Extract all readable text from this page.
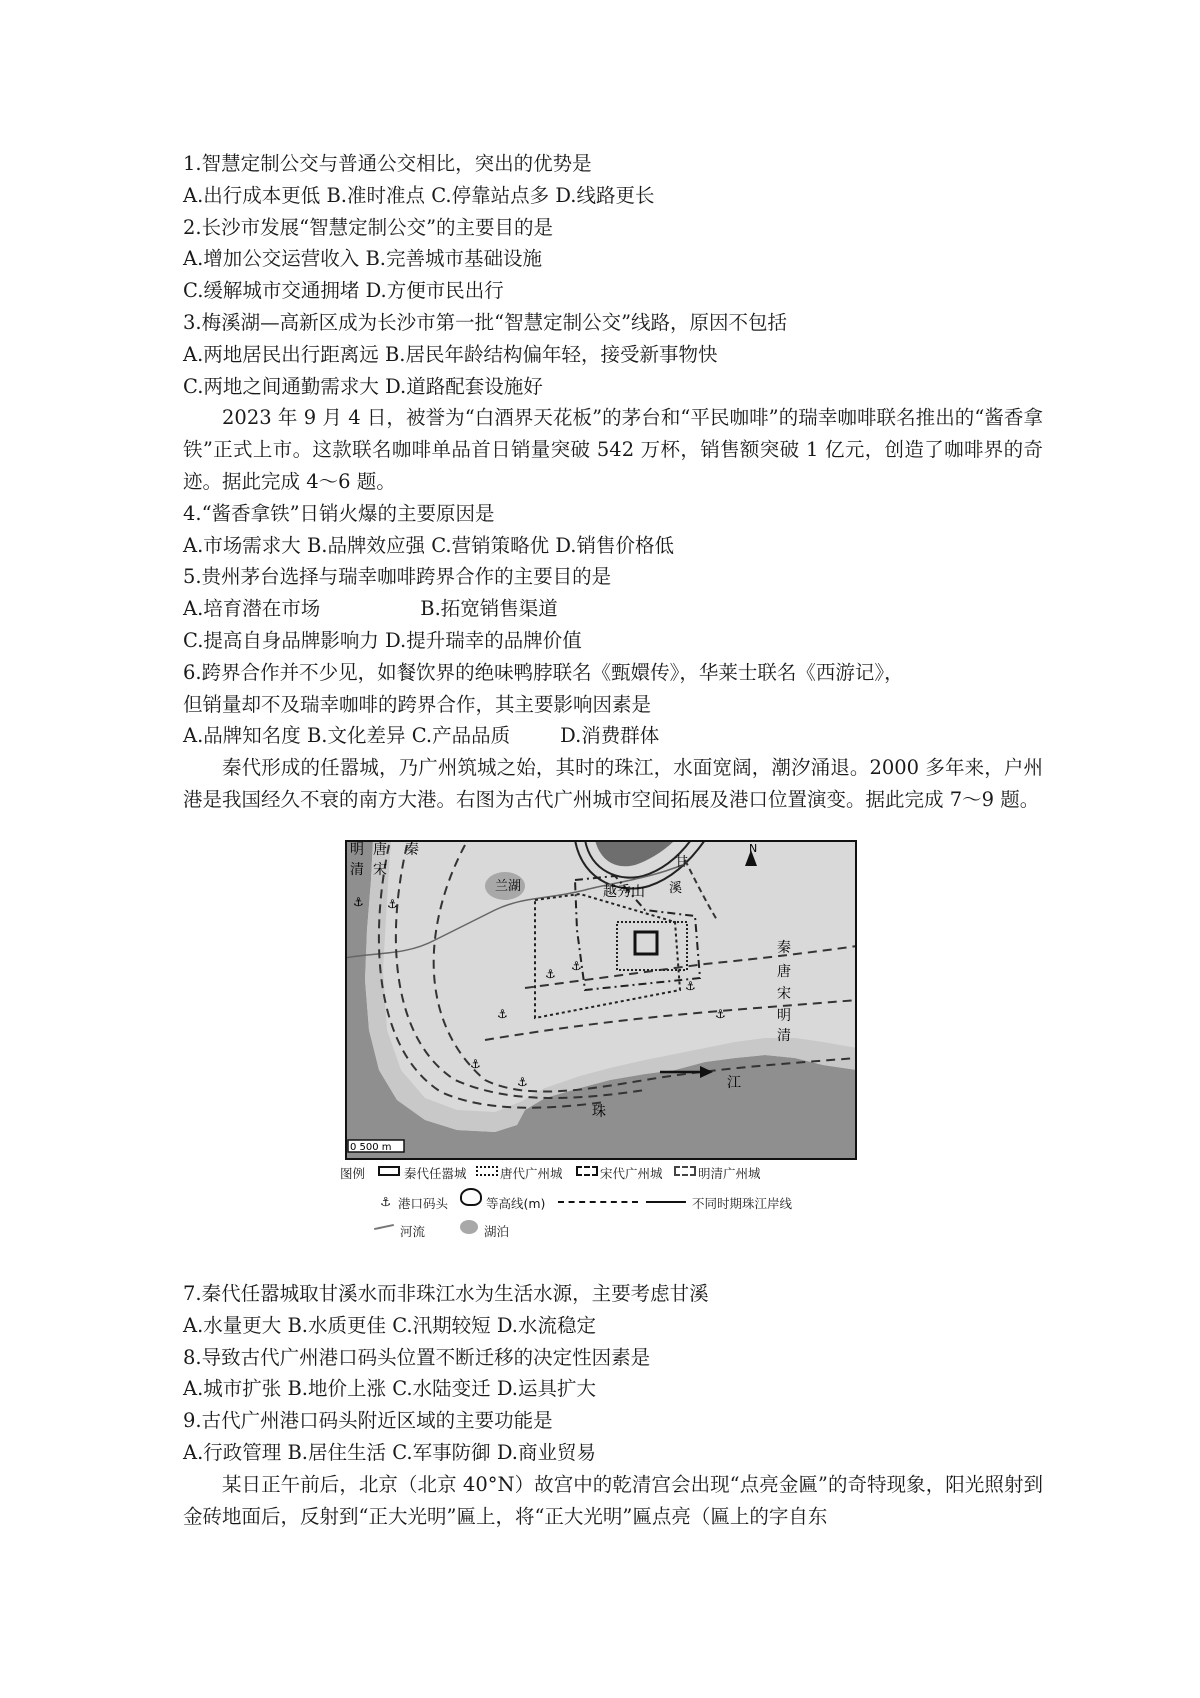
1.智慧定制公交与普通公交相比，突出的优势是

A.出行成本更低 B.准时准点 C.停靠站点多 D.线路更长

2.长沙市发展“智慧定制公交”的主要目的是

A.增加公交运营收入 B.完善城市基础设施

C.缓解城市交通拥堵 D.方便市民出行

3.梅溪湖—高新区成为长沙市第一批“智慧定制公交”线路，原因不包括

A.两地居民出行距离远 B.居民年龄结构偏年轻，接受新事物快

C.两地之间通勤需求大 D.道路配套设施好

2023 年 9 月 4 日，被誉为“白酒界天花板”的茅台和“平民咖啡”的瑞幸咖啡联名推出的“酱香拿铁”正式上市。这款联名咖啡单品首日销量突破 542 万杯，销售额突破 1 亿元，创造了咖啡界的奇迹。据此完成 4～6 题。

4.“酱香拿铁”日销火爆的主要原因是

A.市场需求大 B.品牌效应强 C.营销策略优 D.销售价格低

5.贵州茅台选择与瑞幸咖啡跨界合作的主要目的是

A.培育潜在市场	B.拓宽销售渠道

C.提高自身品牌影响力 D.提升瑞幸的品牌价值

6.跨界合作并不少见，如餐饮界的绝味鸭脖联名《甄嬛传》，华莱士联名《西游记》，

但销量却不及瑞幸咖啡的跨界合作，其主要影响因素是

A.品牌知名度 B.文化差异 C.产品品质	D.消费群体

秦代形成的任嚣城，乃广州筑城之始，其时的珠江，水面宽阔，潮汐涌退。2000 多年来，户州港是我国经久不衰的南方大港。右图为古代广州城市空间拓展及港口位置演变。据此完成 7～9 题。

N
0 500 m
明
清
唐
宋
秦
兰湖	越秀山
甘
溪
秦
唐
宋
明
清
江
珠
⚓
⚓
⚓
⚓
⚓
⚓
⚓
⚓
⚓
图例	秦代任嚣城	唐代广州城	宋代广州城	明清广州城
⚓ 港口码头	等高线(m)	不同时期珠江岸线
河流	湖泊

7.秦代任嚣城取甘溪水而非珠江水为生活水源，主要考虑甘溪

A.水量更大 B.水质更佳 C.汛期较短 D.水流稳定

8.导致古代广州港口码头位置不断迁移的决定性因素是

A.城市扩张 B.地价上涨 C.水陆变迁 D.运具扩大

9.古代广州港口码头附近区域的主要功能是

A.行政管理 B.居住生活 C.军事防御 D.商业贸易

某日正午前后，北京（北京 40°N）故宫中的乾清宫会出现“点亮金匾”的奇特现象，阳光照射到金砖地面后，反射到“正大光明”匾上，将“正大光明”匾点亮（匾上的字自东
